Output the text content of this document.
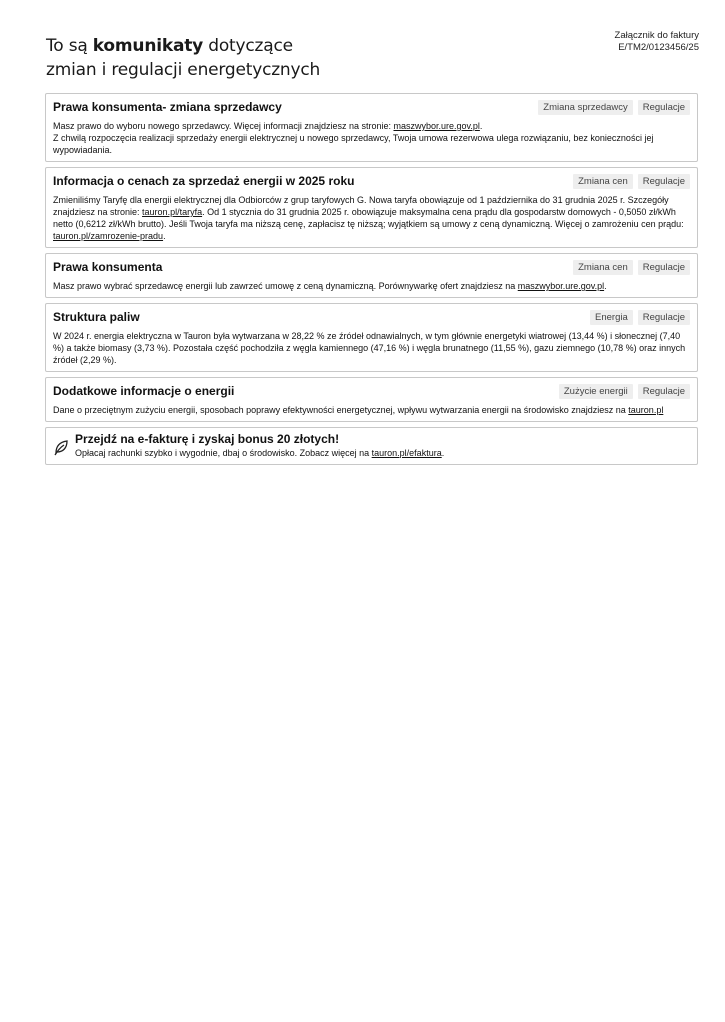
To są komunikaty dotyczące
zmian i regulacji energetycznych
Załącznik do faktury
E/TM2/0123456/25
Prawa konsumenta- zmiana sprzedawcy	Zmiana sprzedawcy	Regulacje
Masz prawo do wyboru nowego sprzedawcy. Więcej informacji znajdziesz na stronie: maszwybor.ure.gov.pl.
Z chwilą rozpoczęcia realizacji sprzedaży energii elektrycznej u nowego sprzedawcy, Twoja umowa rezerwowa ulega rozwiązaniu, bez konieczności jej wypowiadania.
Informacja o cenach za sprzedaż energii w 2025 roku	Zmiana cen	Regulacje
Zmieniliśmy Taryfę dla energii elektrycznej dla Odbiorców z grup taryfowych G. Nowa taryfa obowiązuje od 1 października do 31 grudnia 2025 r. Szczegóły znajdziesz na stronie: tauron.pl/taryfa. Od 1 stycznia do 31 grudnia 2025 r. obowiązuje maksymalna cena prądu dla gospodarstw domowych - 0,5050 zł/kWh netto (0,6212 zł/kWh brutto). Jeśli Twoja taryfa ma niższą cenę, zapłacisz tę niższą; wyjątkiem są umowy z ceną dynamiczną. Więcej o zamrożeniu cen prądu: tauron.pl/zamrozenie-pradu.
Prawa konsumenta	Zmiana cen	Regulacje
Masz prawo wybrać sprzedawcę energii lub zawrzeć umowę z ceną dynamiczną. Porównywarkę ofert znajdziesz na maszwybor.ure.gov.pl.
Struktura paliw	Energia	Regulacje
W 2024 r. energia elektryczna w Tauron była wytwarzana w 28,22 % ze źródeł odnawialnych, w tym głównie energetyki wiatrowej (13,44 %) i słonecznej (7,40 %) a także biomasy (3,73 %). Pozostała część pochodziła z węgla kamiennego (47,16 %) i węgla brunatnego (11,55 %), gazu ziemnego (10,78 %) oraz innych źródeł (2,29 %).
Dodatkowe informacje o energii	Zużycie energii	Regulacje
Dane o przeciętnym zużyciu energii, sposobach poprawy efektywności energetycznej, wpływu wytwarzania energii na środowisko znajdziesz na tauron.pl
Przejdź na e-fakturę i zyskaj bonus 20 złotych!
Opłacaj rachunki szybko i wygodnie, dbaj o środowisko. Zobacz więcej na tauron.pl/efaktura.
